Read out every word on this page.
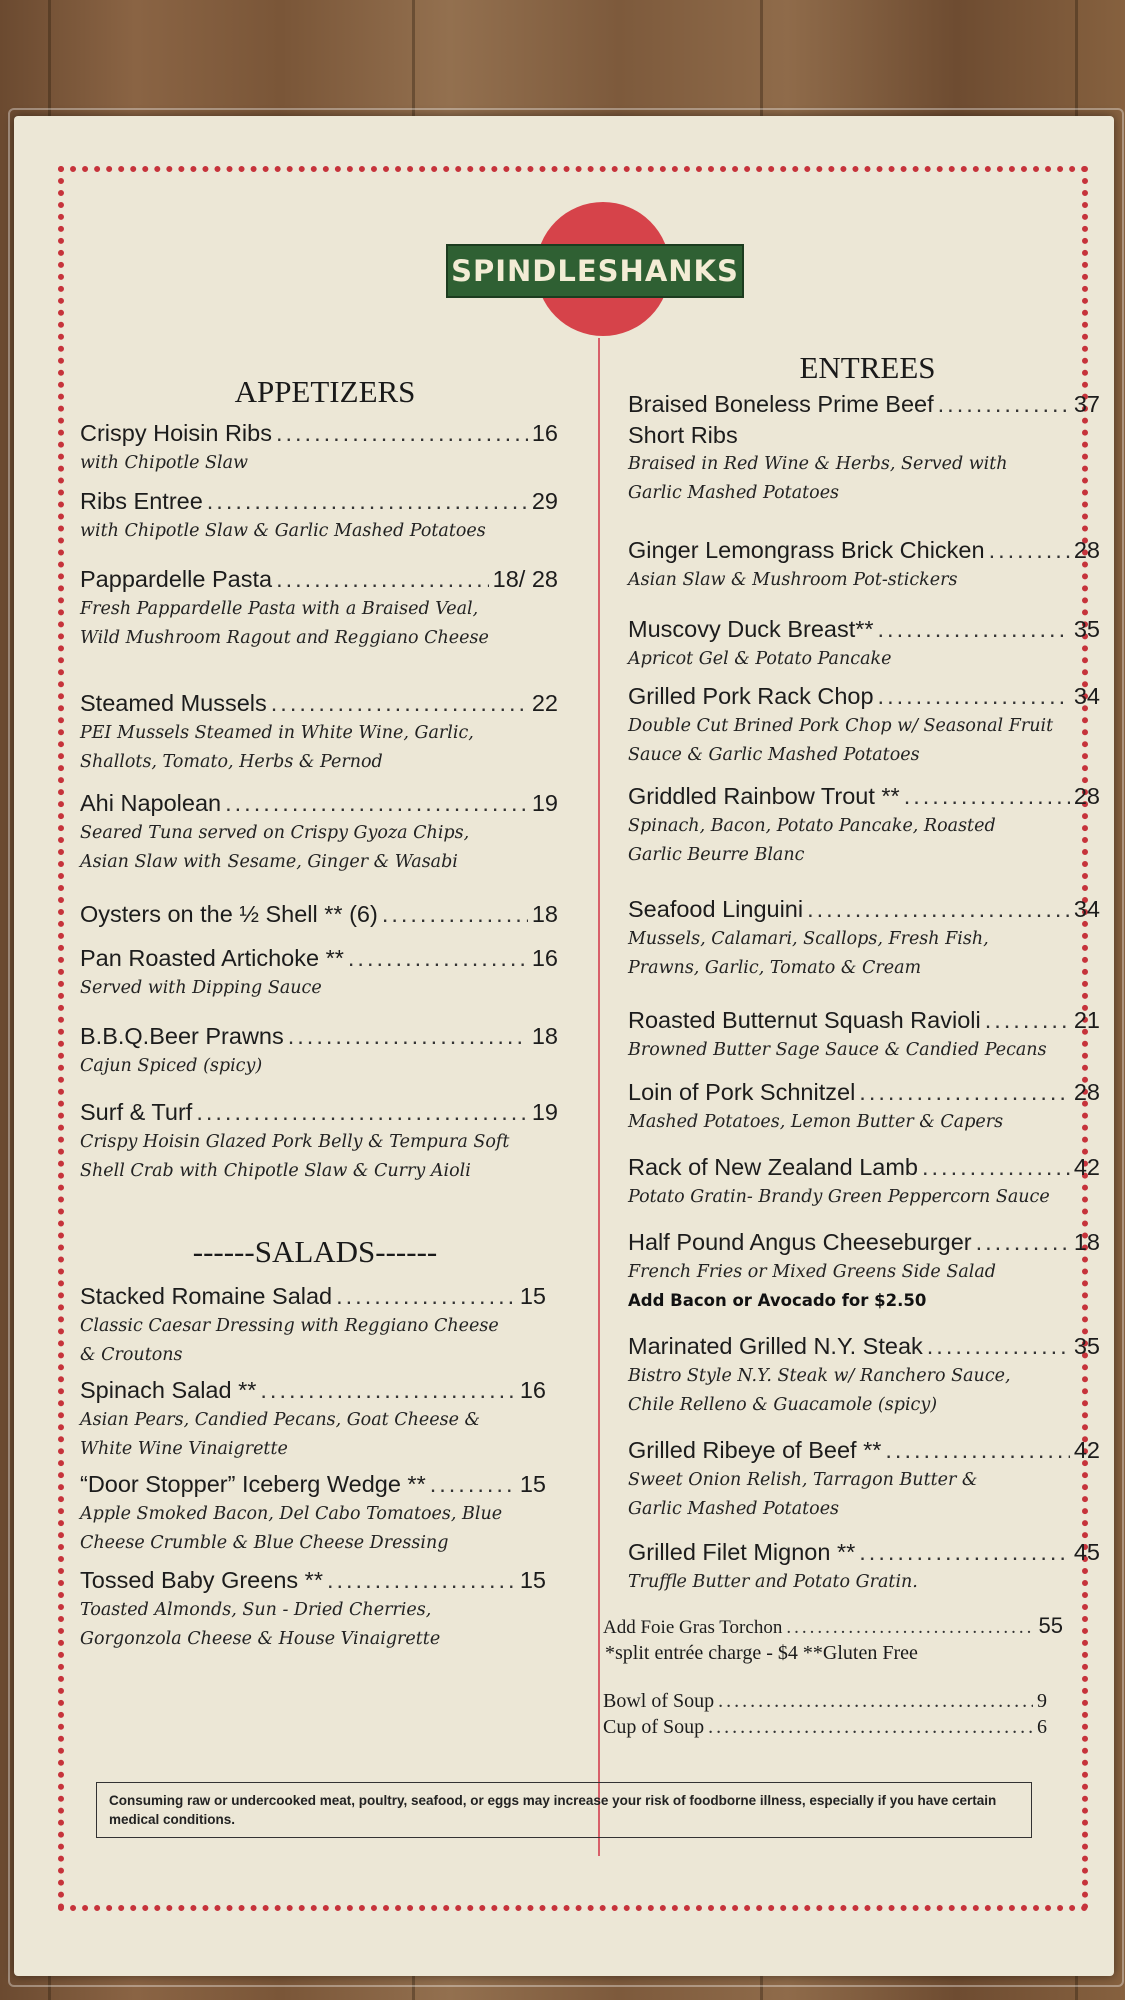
SPINDLESHANKS
APPETIZERS
ENTREES
------SALADS------
Crispy Hoisin Ribs .....	16
with Chipotle Slaw
Ribs Entree .....	29
with Chipotle Slaw & Garlic Mashed Potatoes
Pappardelle Pasta .....	18/ 28
Fresh Pappardelle Pasta with a Braised Veal,
Wild Mushroom Ragout and Reggiano Cheese
Steamed Mussels .....	22
PEI Mussels Steamed in White Wine, Garlic,
Shallots, Tomato, Herbs & Pernod
Ahi Napolean .....	19
Seared Tuna served on Crispy Gyoza Chips,
Asian Slaw with Sesame, Ginger & Wasabi
Oysters on the ½ Shell ** (6) .....	18
Pan Roasted Artichoke ** .....	16
Served with Dipping Sauce
B.B.Q.Beer Prawns .....	18
Cajun Spiced (spicy)
Surf & Turf .....	19
Crispy Hoisin Glazed Pork Belly & Tempura Soft
Shell Crab with Chipotle Slaw & Curry Aioli
Stacked Romaine Salad .....	15
Classic Caesar Dressing with Reggiano Cheese
& Croutons
Spinach Salad ** .....	16
Asian Pears, Candied Pecans, Goat Cheese &
White Wine Vinaigrette
“Door Stopper” Iceberg Wedge ** .....	15
Apple Smoked Bacon, Del Cabo Tomatoes, Blue
Cheese Crumble & Blue Cheese Dressing
Tossed Baby Greens ** .....	15
Toasted Almonds, Sun - Dried Cherries,
Gorgonzola Cheese & House Vinaigrette
Braised Boneless Prime Beef .....	37
Short Ribs
Braised in Red Wine & Herbs, Served with
Garlic Mashed Potatoes
Ginger Lemongrass Brick Chicken .....	28
Asian Slaw & Mushroom Pot-stickers
Muscovy Duck Breast** .....	35
Apricot Gel & Potato Pancake
Grilled Pork Rack Chop .....	34
Double Cut Brined Pork Chop w/ Seasonal Fruit
Sauce & Garlic Mashed Potatoes
Griddled Rainbow Trout ** .....	28
Spinach, Bacon, Potato Pancake, Roasted
Garlic Beurre Blanc
Seafood Linguini .....	34
Mussels, Calamari, Scallops, Fresh Fish,
Prawns, Garlic, Tomato & Cream
Roasted Butternut Squash Ravioli .....	21
Browned Butter Sage Sauce & Candied Pecans
Loin of Pork Schnitzel .....	28
Mashed Potatoes, Lemon Butter & Capers
Rack of New Zealand Lamb .....	42
Potato Gratin- Brandy Green Peppercorn Sauce
Half Pound Angus Cheeseburger .....	18
French Fries or Mixed Greens Side Salad
Add Bacon or Avocado for $2.50
Marinated Grilled N.Y. Steak .....	35
Bistro Style N.Y. Steak w/ Ranchero Sauce,
Chile Relleno & Guacamole (spicy)
Grilled Ribeye of Beef ** .....	42
Sweet Onion Relish, Tarragon Butter &
Garlic Mashed Potatoes
Grilled Filet Mignon ** .....	45
Truffle Butter and Potato Gratin.
Add Foie Gras Torchon .....	55
*split entrée charge - $4 **Gluten Free
Bowl of Soup .....	9
Cup of Soup .....	6
Consuming raw or undercooked meat, poultry, seafood, or eggs may increase your risk of foodborne illness, especially if you have certain medical conditions.
